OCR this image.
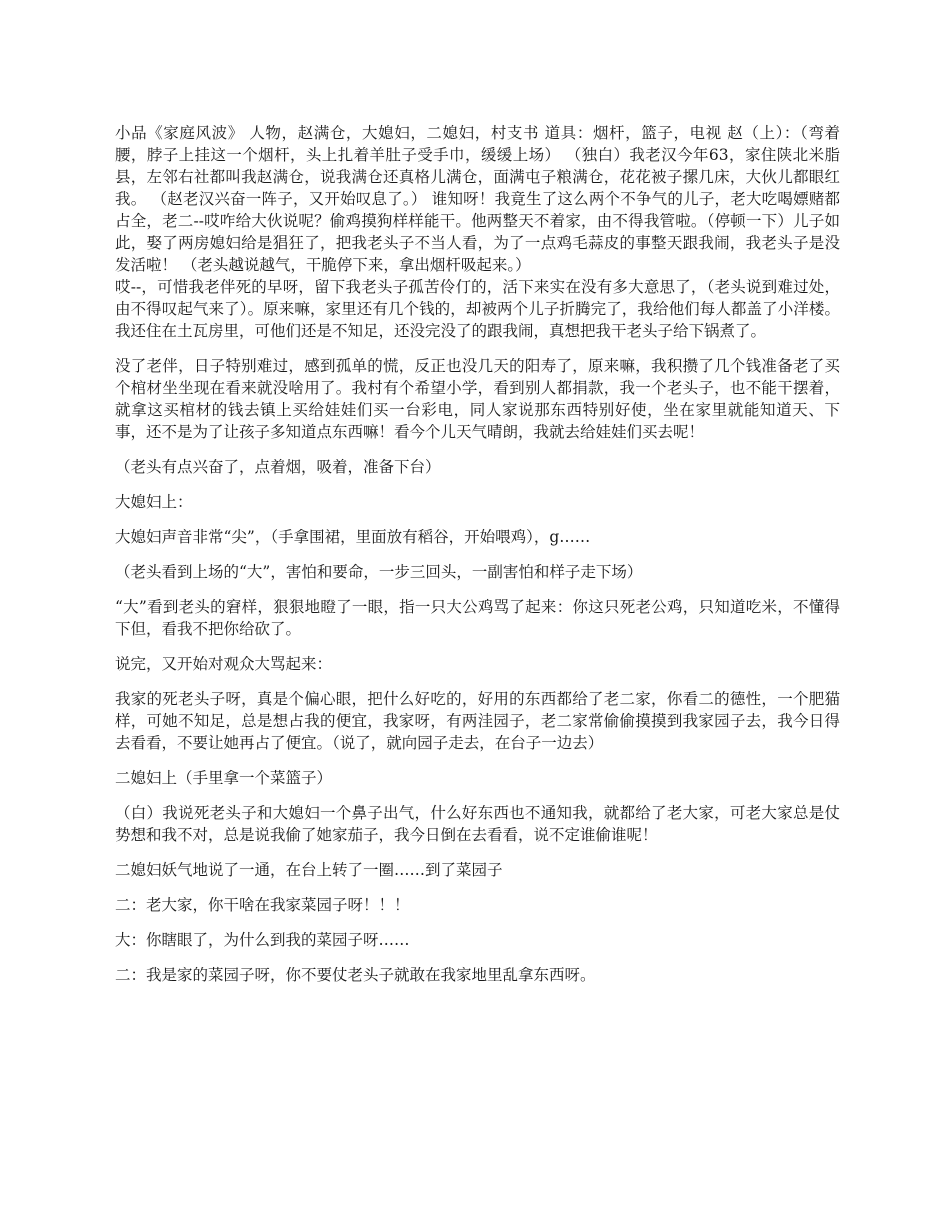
小品《家庭风波》 人物，赵满仓，大媳妇，二媳妇，村支书 道具：烟杆，篮子，电视 赵（上）：（弯着腰，脖子上挂这一个烟杆，头上扎着羊肚子受手巾，缓缓上场） （独白）我老汉今年63，家住陕北米脂县，左邻右社都叫我赵满仓，说我满仓还真格儿满仓，面满屯子粮满仓，花花被子摞几床，大伙儿都眼红我。 （赵老汉兴奋一阵子，又开始叹息了。） 谁知呀！我竟生了这么两个不争气的儿子，老大吃喝嫖赌都占全，老二--哎咋给大伙说呢？偷鸡摸狗样样能干。他两整天不着家，由不得我管啦。（停顿一下）儿子如此，娶了两房媳妇给是猖狂了，把我老头子不当人看，为了一点鸡毛蒜皮的事整天跟我闹，我老头子是没发活啦！ （老头越说越气，干脆停下来，拿出烟杆吸起来。）

哎--，可惜我老伴死的早呀，留下我老头子孤苦伶仃的，活下来实在没有多大意思了，（老头说到难过处，由不得叹起气来了）。原来嘛，家里还有几个钱的，却被两个儿子折腾完了，我给他们每人都盖了小洋楼。我还住在土瓦房里，可他们还是不知足，还没完没了的跟我闹，真想把我干老头子给下锅煮了。

没了老伴，日子特别难过，感到孤单的慌，反正也没几天的阳寿了，原来嘛，我积攒了几个钱准备老了买个棺材坐坐现在看来就没啥用了。我村有个希望小学，看到别人都捐款，我一个老头子，也不能干摆着，就拿这买棺材的钱去镇上买给娃娃们买一台彩电，同人家说那东西特别好使，坐在家里就能知道天、下事，还不是为了让孩子多知道点东西嘛！看今个儿天气晴朗，我就去给娃娃们买去呢！

（老头有点兴奋了，点着烟，吸着，准备下台）

大媳妇上：

大媳妇声音非常“尖”，（手拿围裙，里面放有稻谷，开始喂鸡），g……

（老头看到上场的“大”，害怕和要命，一步三回头，一副害怕和样子走下场）

“大”看到老头的窘样，狠狠地瞪了一眼，指一只大公鸡骂了起来：你这只死老公鸡，只知道吃米，不懂得下但，看我不把你给砍了。

说完，又开始对观众大骂起来：

我家的死老头子呀，真是个偏心眼，把什么好吃的，好用的东西都给了老二家，你看二的德性，一个肥猫样，可她不知足，总是想占我的便宜，我家呀，有两洼园子，老二家常偷偷摸摸到我家园子去，我今日得去看看，不要让她再占了便宜。（说了，就向园子走去，在台子一边去）

二媳妇上（手里拿一个菜篮子）

（白）我说死老头子和大媳妇一个鼻子出气，什么好东西也不通知我，就都给了老大家，可老大家总是仗势想和我不对，总是说我偷了她家茄子，我今日倒在去看看，说不定谁偷谁呢！

二媳妇妖气地说了一通，在台上转了一圈……到了菜园子

二：老大家，你干啥在我家菜园子呀！！！

大：你瞎眼了，为什么到我的菜园子呀……

二：我是家的菜园子呀，你不要仗老头子就敢在我家地里乱拿东西呀。
